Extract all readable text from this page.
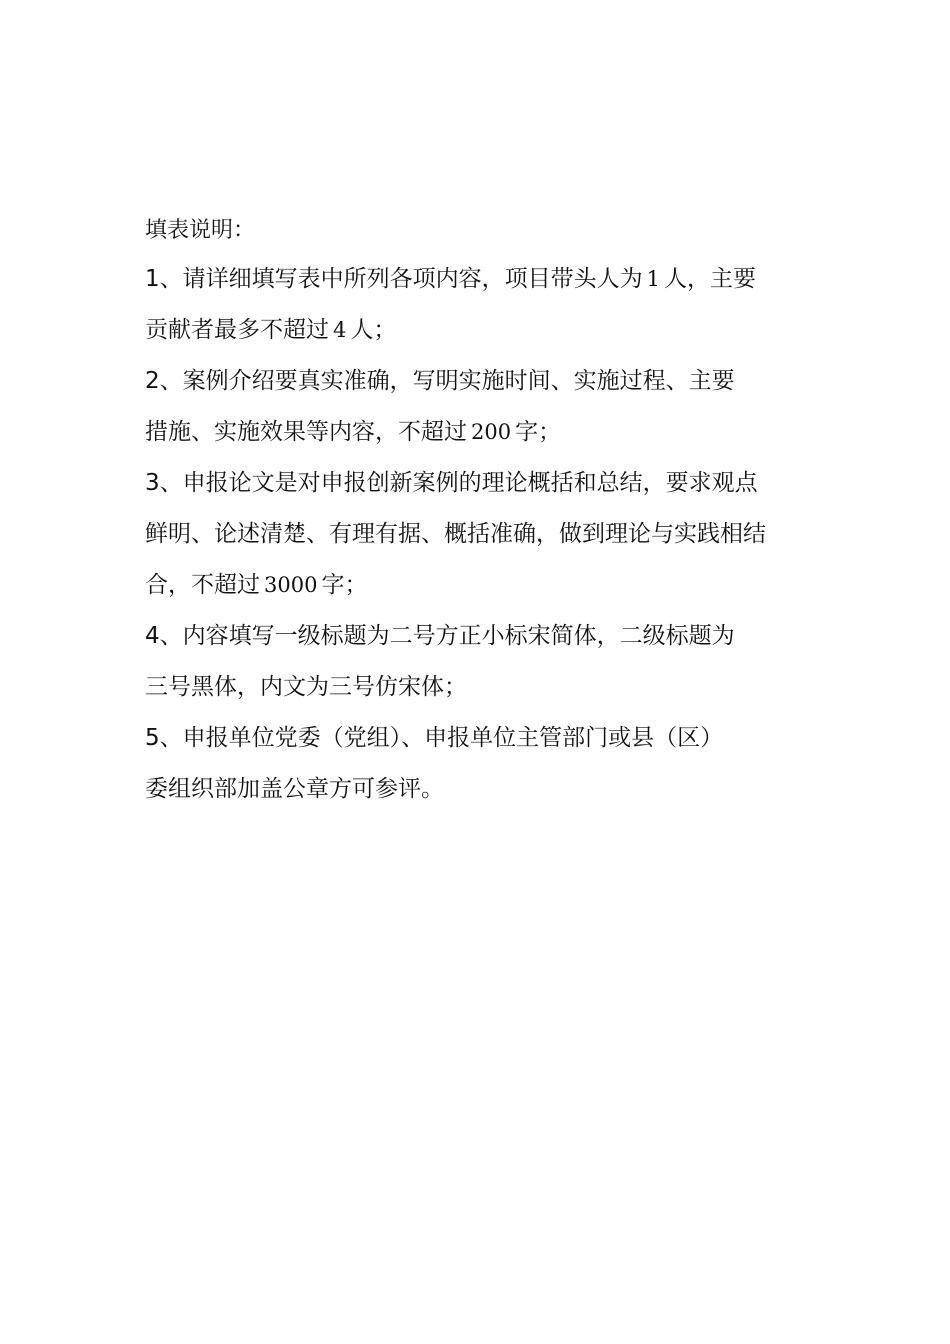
填表说明：
1、请详细填写表中所列各项内容，项目带头人为 1 人，主要
贡献者最多不超过 4 人；
2、案例介绍要真实准确，写明实施时间、实施过程、主要
措施、实施效果等内容，不超过 200 字；
3、申报论文是对申报创新案例的理论概括和总结，要求观点
鲜明、论述清楚、有理有据、概括准确，做到理论与实践相结
合，不超过 3000 字；
4、内容填写一级标题为二号方正小标宋简体，二级标题为
三号黑体，内文为三号仿宋体；
5、申报单位党委（党组）、申报单位主管部门或县（区）
委组织部加盖公章方可参评。
